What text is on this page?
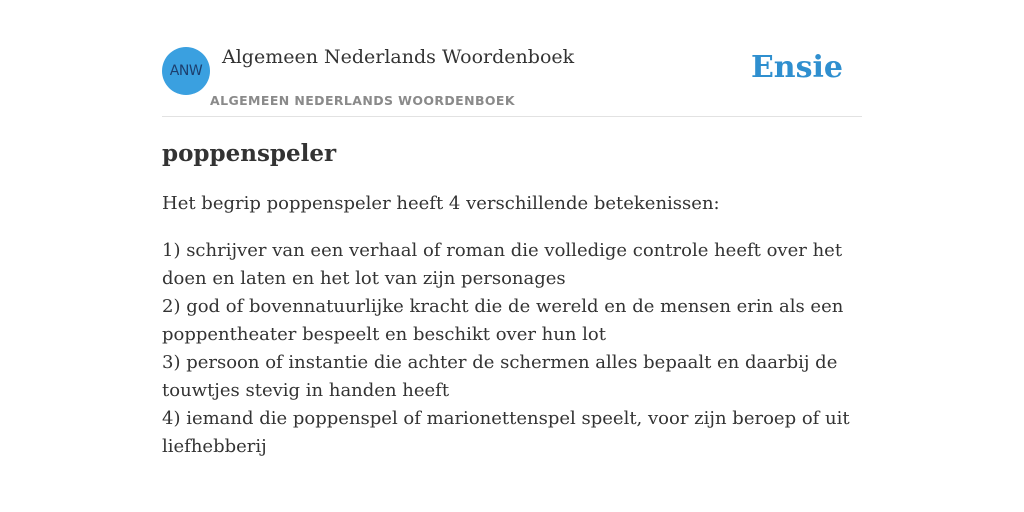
ANW
Algemeen Nederlands Woordenboek
ALGEMEEN NEDERLANDS WOORDENBOEK
Ensie
poppenspeler

Het begrip poppenspeler heeft 4 verschillende betekenissen:

1) schrijver van een verhaal of roman die volledige controle heeft over het doen en laten en het lot van zijn personages
2) god of bovennatuurlijke kracht die de wereld en de mensen erin als een poppentheater bespeelt en beschikt over hun lot
3) persoon of instantie die achter de schermen alles bepaalt en daarbij de touwtjes stevig in handen heeft
4) iemand die poppenspel of marionettenspel speelt, voor zijn beroep of uit liefhebberij
